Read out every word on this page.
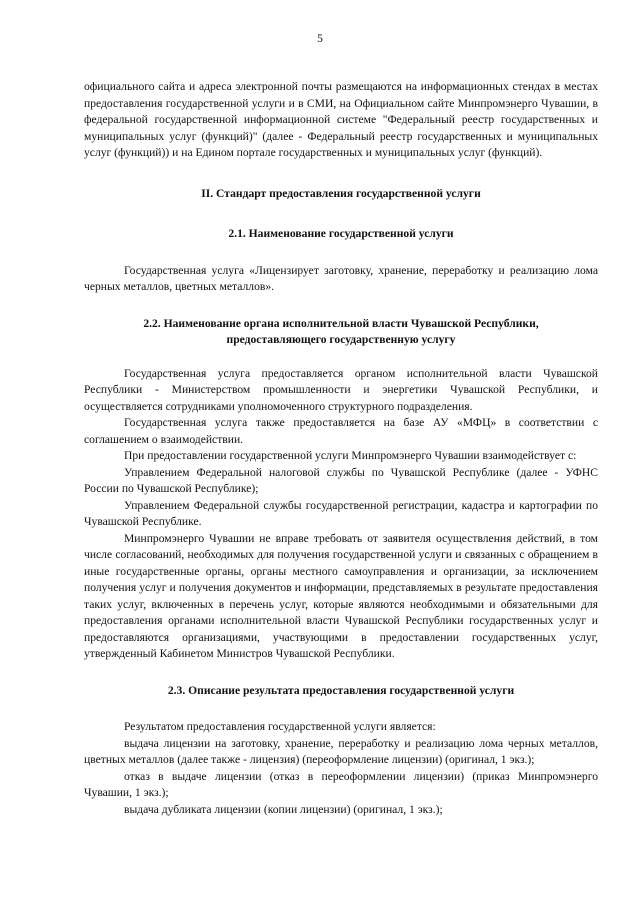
5

официального сайта и адреса электронной почты размещаются на информационных стендах в местах предоставления государственной услуги и в СМИ, на Официальном сайте Минпромэнерго Чувашии, в федеральной государственной информационной системе "Федеральный реестр государственных и муниципальных услуг (функций)" (далее - Федеральный реестр государственных и муниципальных услуг (функций)) и на Едином портале государственных и муниципальных услуг (функций).

II. Стандарт предоставления государственной услуги

2.1. Наименование государственной услуги

Государственная услуга «Лицензирует заготовку, хранение, переработку и реализацию лома черных металлов, цветных металлов».

2.2. Наименование органа исполнительной власти Чувашской Республики,

предоставляющего государственную услугу

Государственная услуга предоставляется органом исполнительной власти Чувашской Республики - Министерством промышленности и энергетики Чувашской Республики, и осуществляется сотрудниками уполномоченного структурного подразделения.

Государственная услуга также предоставляется на базе АУ «МФЦ» в соответствии с соглашением о взаимодействии.

При предоставлении государственной услуги Минпромэнерго Чувашии взаимодействует с:

Управлением Федеральной налоговой службы по Чувашской Республике (далее - УФНС России по Чувашской Республике);

Управлением Федеральной службы государственной регистрации, кадастра и картографии по Чувашской Республике.

Минпромэнерго Чувашии не вправе требовать от заявителя осуществления действий, в том числе согласований, необходимых для получения государственной услуги и связанных с обращением в иные государственные органы, органы местного самоуправления и организации, за исключением получения услуг и получения документов и информации, представляемых в результате предоставления таких услуг, включенных в перечень услуг, которые являются необходимыми и обязательными для предоставления органами исполнительной власти Чувашской Республики государственных услуг и предоставляются организациями, участвующими в предоставлении государственных услуг, утвержденный Кабинетом Министров Чувашской Республики.

2.3. Описание результата предоставления государственной услуги

Результатом предоставления государственной услуги является:

выдача лицензии на заготовку, хранение, переработку и реализацию лома черных металлов, цветных металлов (далее также - лицензия) (переоформление лицензии) (оригинал, 1 экз.);

отказ в выдаче лицензии (отказ в переоформлении лицензии) (приказ Минпромэнерго Чувашии, 1 экз.);

выдача дубликата лицензии (копии лицензии) (оригинал, 1 экз.);
